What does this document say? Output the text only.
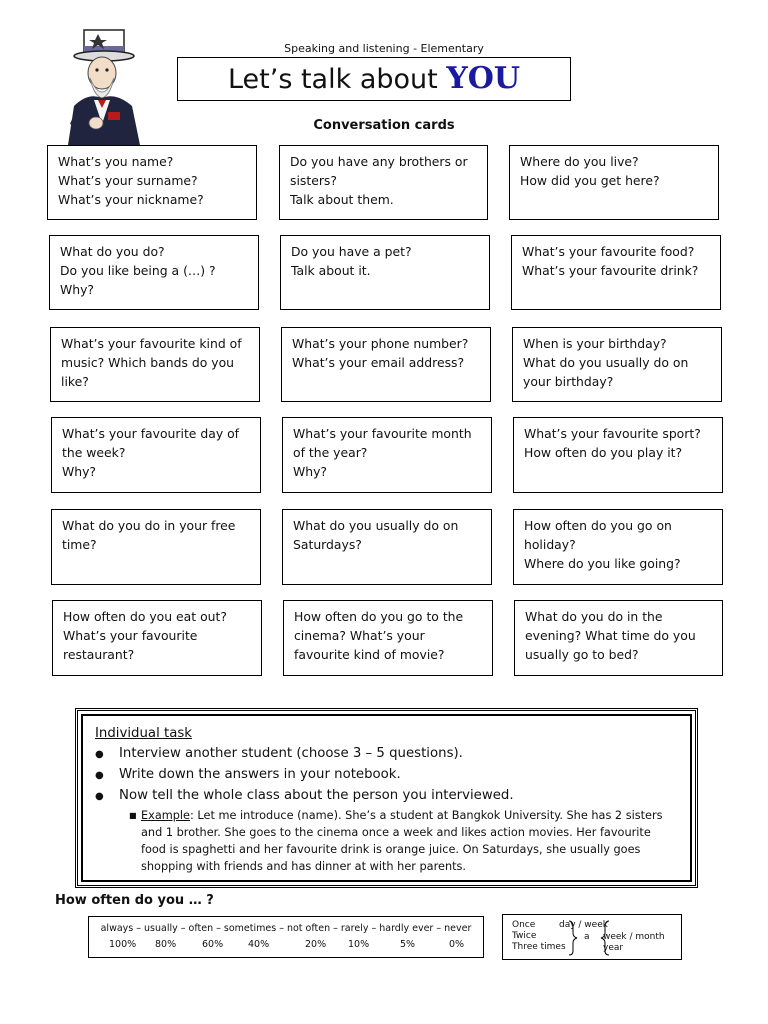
Speaking and listening - Elementary
Let’s talk about YOU
Conversation cards
What’s you name?
What’s your surname?
What’s your nickname?
Do you have any brothers or sisters?
Talk about them.
Where do you live?
How did you get here?
What do you do?
Do you like being a (…) ?
Why?
Do you have a pet?
Talk about it.
What’s your favourite food?
What’s your favourite drink?
What’s your favourite kind of music? Which bands do you like?
What’s your phone number?
What’s your email address?
When is your birthday?
What do you usually do on your birthday?
What’s your favourite day of the week?
Why?
What’s your favourite month of the year?
Why?
What’s your favourite sport?
How often do you play it?
What do you do in your free time?
What do you usually do on Saturdays?
How often do you go on holiday?
Where do you like going?
How often do you eat out?
What’s your favourite restaurant?
How often do you go to the cinema? What’s your favourite kind of movie?
What do you do in the evening? What time do you usually go to bed?
Individual task
●	Interview another student (choose 3 – 5 questions).
●	Write down the answers in your notebook.
●	Now tell the whole class about the person you interviewed.
■ Example: Let me introduce (name). She’s a student at Bangkok University. She has 2 sisters and 1 brother. She goes to the cinema once a week and likes action movies. Her favourite food is spaghetti and her favourite drink is orange juice. On Saturdays, she usually goes shopping with friends and has dinner at with her parents.
How often do you … ?
always – usually – often – sometimes – not often – rarely – hardly ever – never
100% 80%	60%	40%	20% 10%	5%	0%
Once
Twice
Three times
day / week
a week / month
year
